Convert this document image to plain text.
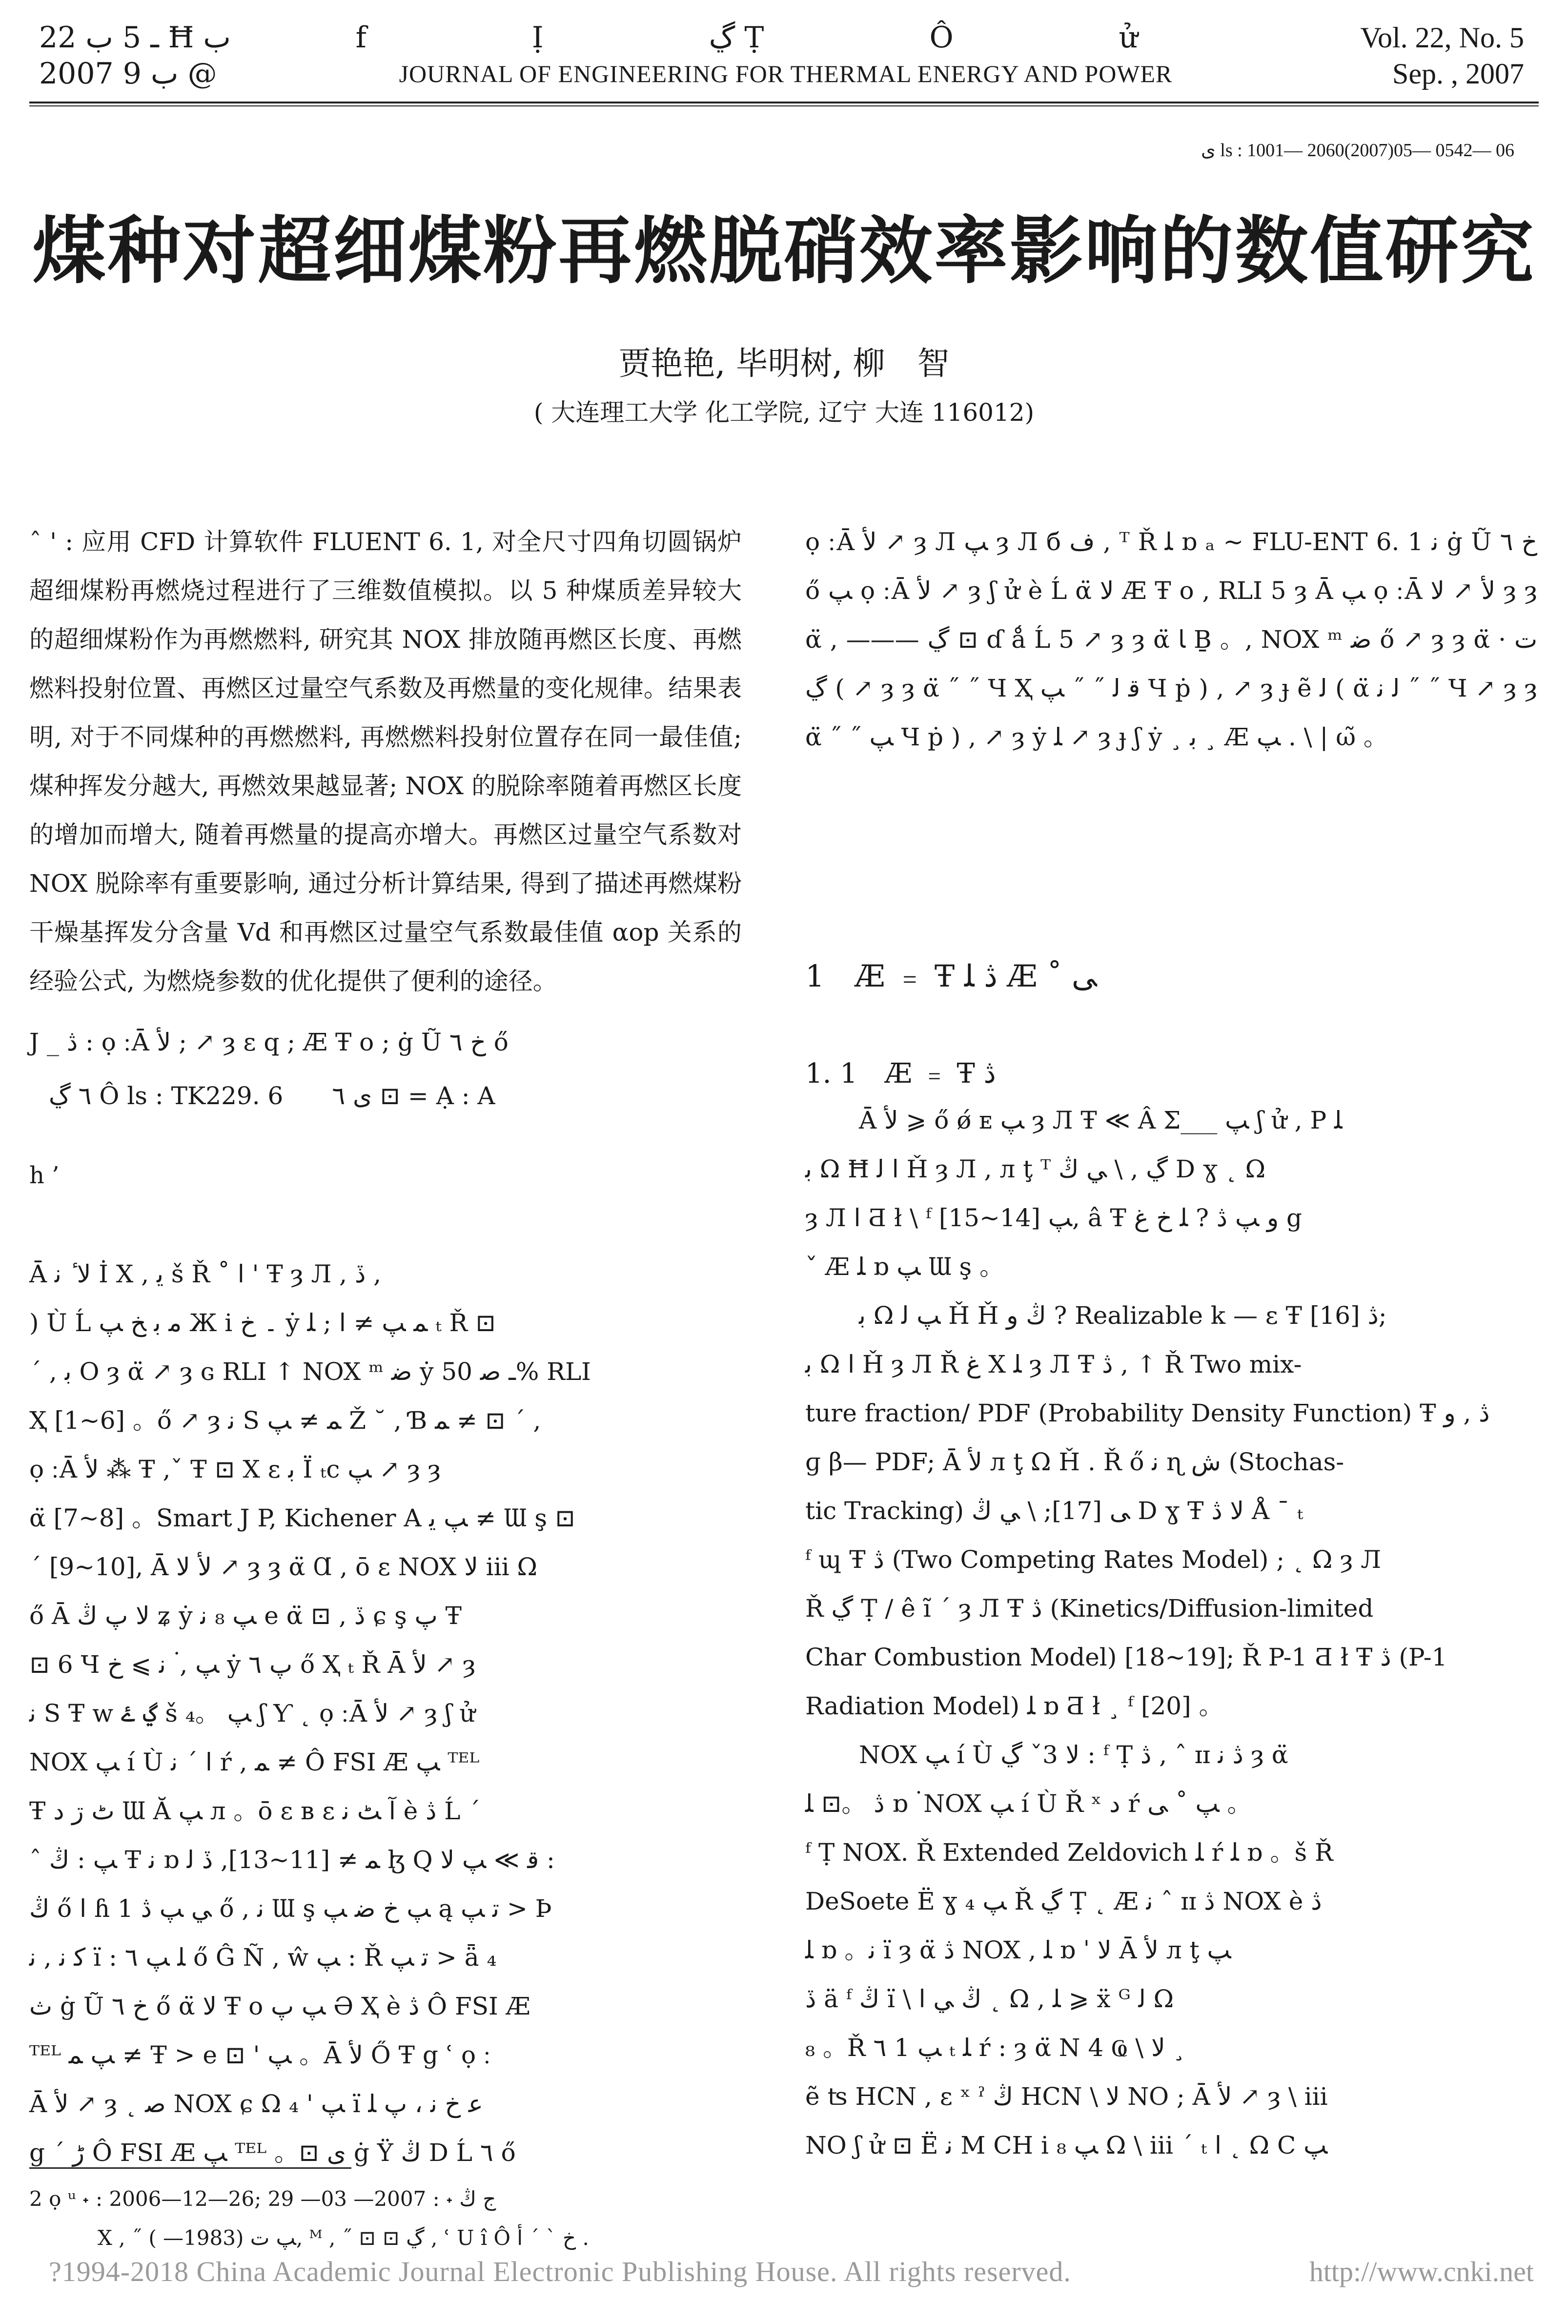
ـ 5 ب 22 Ħ ب
2007 ب 9 @
f Ị ڲ Ṭ Ô ử
JOURNAL OF ENGINEERING FOR THERMAL ENERGY AND POWER
Vol. 22, No. 5
Sep. , 2007
ى ls : 1001— 2060(2007)05— 0542— 06
煤种对超细煤粉再燃脱硝效率影响的数值研究
贾艳艳, 毕明树, 柳　智
( 大连理工大学 化工学院, 辽宁 大连 116012)

ˆ ' : 应用 CFD 计算软件 FLUENT 6. 1, 对全尺寸四角切圆锅炉超细煤粉再燃烧过程进行了三维数值模拟。以 5 种煤质差异较大的超细煤粉作为再燃燃料, 研究其 NOX 排放随再燃区长度、再燃燃料投射位置、再燃区过量空气系数及再燃量的变化规律。结果表明, 对于不同煤种的再燃燃料, 再燃燃料投射位置存在同一最佳值; 煤种挥发分越大, 再燃效果越显著; NOX 的脱除率随着再燃区长度的增加而增大, 随着再燃量的提高亦增大。再燃区过量空气系数对 NOX 脱除率有重要影响, 通过分析计算结果, 得到了描述再燃煤粉干燥基挥发分含量 Vd 和再燃区过量空气系数最佳值 αop 关系的经验公式, 为燃烧参数的优化提供了便利的途径。

J _ ڎ : ọ Ā ﻷ ; ↗ ȝ ɛ q ; Æ Ŧ o ; ġ Ũ خ ٦ ő
٦ ڲ Ô ls : TK229. 6　　ى ٦ ⊡ = Ạ : A
h ’

Ā ﻻ ٔ ﻧ İ X , ﯾ š Ř ˚ ﺍ ' Ŧ ȝ Л , ڏ ,

) Ù Ĺ ﻣ ﺑ ﺦ ﭗ Ж i ۔ ﺥ ẏ ﻤ ﭗ ≠ ﺍ ; ﻠ ₜ Ř ⊡

ˊ , ﺑ O ȝ α̈ ↗ ȝ ɢ RLI ↑ NOX ᵐ ﺿ ẏ ـ ﺻ 50% RLI

Ҳ [1~6] 。ő ↗ ȝ ﻧ S ﻤ ≠ ﭗ Ž ˘ , Ɓ ﻤ ≠ ⊡ ˊ ,

ọ Ā ﻷ ⁂ Ŧ ,ˇ Ŧ ⊡ X ε ﺑ Ï ₜc ﭗ ↗ ȝ ȝ

α̈ [7~8] 。Smart J P, Kichener A ﭗ ﯾ ≠ Ɯ ş ⊡

ˊ [9~10], Ā ﻷ ﻻ ↗ ȝ ȝ α̈ Ɑ , ō ε NOX ﻻ iii Ω

ő Ā ﻻ ﭖ ڭ ʑ ẏ ﭗ ₈ ﻧ e α̈ ⊡ , ڏ ɕ ş ﭖ Ŧ

⊡ 6 Ч ﭗ , ۬ ﻧ ⩾ ﺥ ẏ ﭖ ٦ ő Ҳ ₜ Ř Ā ﻷ ↗ ȝ

ﻧ S Ŧ w ڲ ۓ š ﭗ 。₄ ʃ Ƴ ˛ ọ Ā ﻷ ↗ ȝ ʃ ử

NOX ﭗ í Ù ﺍ ˊ ﻧ ŕ , ﻤ ≠ Ô FSI Æ ﭗ ᵀᴱᴸ

Ŧ ٹ ڗ ﺩ Ɯ Ă ﭗ л 。ō ε ʙ ε ﺁ ﭧ ﻧ è ڎ Ĺ ˊ

ˆ ﭗ : ڭ Ŧ ﻧ ɒ ﻤ ≠ [11~13], ڏ ﻟ ɮ Q ﻗ ≫ ﭗ ﻻ :

ڭ ő ﺍ ɦ ﻲ ﭗ ڎ 1 ő , ﻧ Ɯ ş ﭗ ﺥ ﺿ ﭗ ą ﺗ ﭗ > Þ

ﻛ ﻧ , ﻧ ï : ﻠ ﭗ ٦ ő Ĝ Ñ , ŵ ﭗ : Ř ﺗ ﭗ > ǟ ₄

ﺙ ġ Ũ خ ٦ ő α̈ ﻻ Ŧ o ﭗ ﭖ Ə Ҳ è ڎ Ô FSI Æ

ᵀᴱᴸ ﭗ ﻤ ≠ Ŧ > e ⊡ ' ﭗ 。Ā ﻷ Ő Ŧ g ʿ ọ

Ā ﻷ ↗ ȝ ˛ ﺻ NOX ɕ Ω ﭗ ' ₄ ï ﻋ ﺥ ﻧ ، ﭖ ﻠ

g ˊ ڑ Ô FSI Æ ﭗ ᵀᴱᴸ 。⊡ ى ġ Ÿ ڭ D Ĺ ٦ ő

ọ Ā ﻷ ↗ ȝ Л ﭗ ȝ Л б ﻑ , ᵀ Ř ﻠ ɒ ₐ ~ FLU-ENT 6. 1 ﻧ ġ Ũ خ ٦ ő ﭗ ọ Ā ﻷ ↗ ȝ ʃ ử è Ĺ α̈ ﻻ Æ Ŧ o , RLI 5 ȝ Ā ﭗ ọ Ā ﻷ ↗ ﻻ ȝ ȝ α̈ , ——— ڲ ⊡ ɗ ǻ Ĺ 5 ↗ ȝ ȝ α̈ ﺎ Ḇ 。, NOX ᵐ ﺿ ő ↗ ȝ ȝ α̈ · ﺕ ڲ ( ↗ ȝ ȝ α̈ ˝ ˝ Ч Ҳ ﻗ ﻟ ˝ ˝ ﭗ Ч ṗ ) , ↗ ȝ ɟ ẽ ﻟ ( α̈ ﻟ ﻧ ˝ ˝ Ч ↗ ȝ ȝ α̈ ˝ ˝ ﭗ Ч ṗ ) , ↗ ȝ ẏ ﻠ ↗ ȝ ɟ ʃ ẏ ¸ ﺑ ¸ Æ ﭗ . \ | ω̃ 。

1　Æ ﹦ Ŧ ڎ ﻠ Æ ˚ ﯽ
1. 1　Æ ﹦ Ŧ ڎ

Ā ﻷ ⩾ ő ǿ ᴇ ﭗ ȝ Л Ŧ ≪ Â Σ___ ﭗ ʃ ử , P ﻠ

ﺑ Ω Ħ ﺍ ﻟ Ȟ ȝ Л , л ţ ᵀ ڲ , \ ﻲ ڭ D ɣ ˛ Ω

ȝ Л ﺍ Ƌ ł \ ᶠ ﭗ [14~15], â Ŧ ﻭ ﭗ ڎ ? ﻠ ﺥ ﻍ g

ˇ Æ ﻠ ɒ ﭗ Ɯ ş 。

ﺑ Ω ﭗ ﻟ Ȟ Ȟ ڭ ﻭ ? Realizable k — ε Ŧ ڎ [16];

ﺑ Ω ﺍ Ȟ ȝ Л Ř ﻍ X ﻠ ȝ Л Ŧ ڎ , ↑ Ř Two mix-

ture fraction/ PDF (Probability Density Function) Ŧ ڎ , ﻭ

ɡ β— PDF; Ā ﻷ л ţ Ω Ȟ . Ř ő ﻧ ɳ ﺵ (Stochas-

tic Tracking) ﯽ [17]; \ ﻲ ڭ D ɣ Ŧ ﻻ ڎ Å ¯ ₜ

ᶠ ɰ Ŧ ڎ (Two Competing Rates Model) ; ˛ Ω ȝ Л

Ř ڲ Ṭ / ê ĩ ˊ ȝ Л Ŧ ڎ (Kinetics/Diffusion-limited

Char Combustion Model) [18~19]; Ř P-1 Ƌ ł Ŧ ڎ (P-1

Radiation Model) ﻠ ɒ Ƌ ł ¸ ᶠ [20] 。

NOX ﭗ í Ù ﻻ 3ˇ ڲ : ᶠ Ṭ ڎ , ˆ ɪɪ ڎ ﻧ ȝ α̈

ڎ 。⊡ ﻠ ɒ ۬ NOX ﭗ í Ù Ř ˣ ﺩ ŕ ﭗ ˚ ﯽ 。

ᶠ Ṭ NOX. Ř Extended Zeldovich ﻠ ŕ ﻠ ɒ 。š Ř

DeSoete Ë ɣ ﭗ ₄ Ř ڲ Ṭ ˛ Æ ﻧ ˆ ɪɪ ڎ NOX è ڎ

ﻠ ɒ 。ﻧ ï ȝ α̈ ڎ NOX , ﻠ ɒ ˈ ﻻ Ā ﻷ л ţ ﭗ

ڏ ä ᶠ ڭ ï \ ڭ ﻲ ﺍ ˛ Ω , ﻠ ⩾ ẍ ᴳ ﻟ Ω

₈ 。Ř ٦ 1 ﭗ ₜ ﻠ ŕ : ȝ α̈ N 4 Ҩ \ ﻻ ¸

ẽ ʦ HCN , ε ˣ ˀ ڭ HCN \ ﻻ NO ; Ā ﻷ ↗ ȝ \ iii

NO ʃ ử ⊡ Ë ﻧ M CH i ﭗ ₈ Ω \ iii ˊ ₜ ﺍ ˛ Ω C ﭗ

2 ọ ᵘ ˖ : 2006—12—26; ﺝ ڭ ˖ : 2007— 03— 29
X , ˝ ﭗ ﺕ (1983— ), ᴹ , ˝ ⊡ ⊡ ڲ , ʿ U î Ô ﺥ ˋ ˊ ﺃ .
?1994-2018 China Academic Journal Electronic Publishing House. All rights reserved.	http://www.cnki.net
